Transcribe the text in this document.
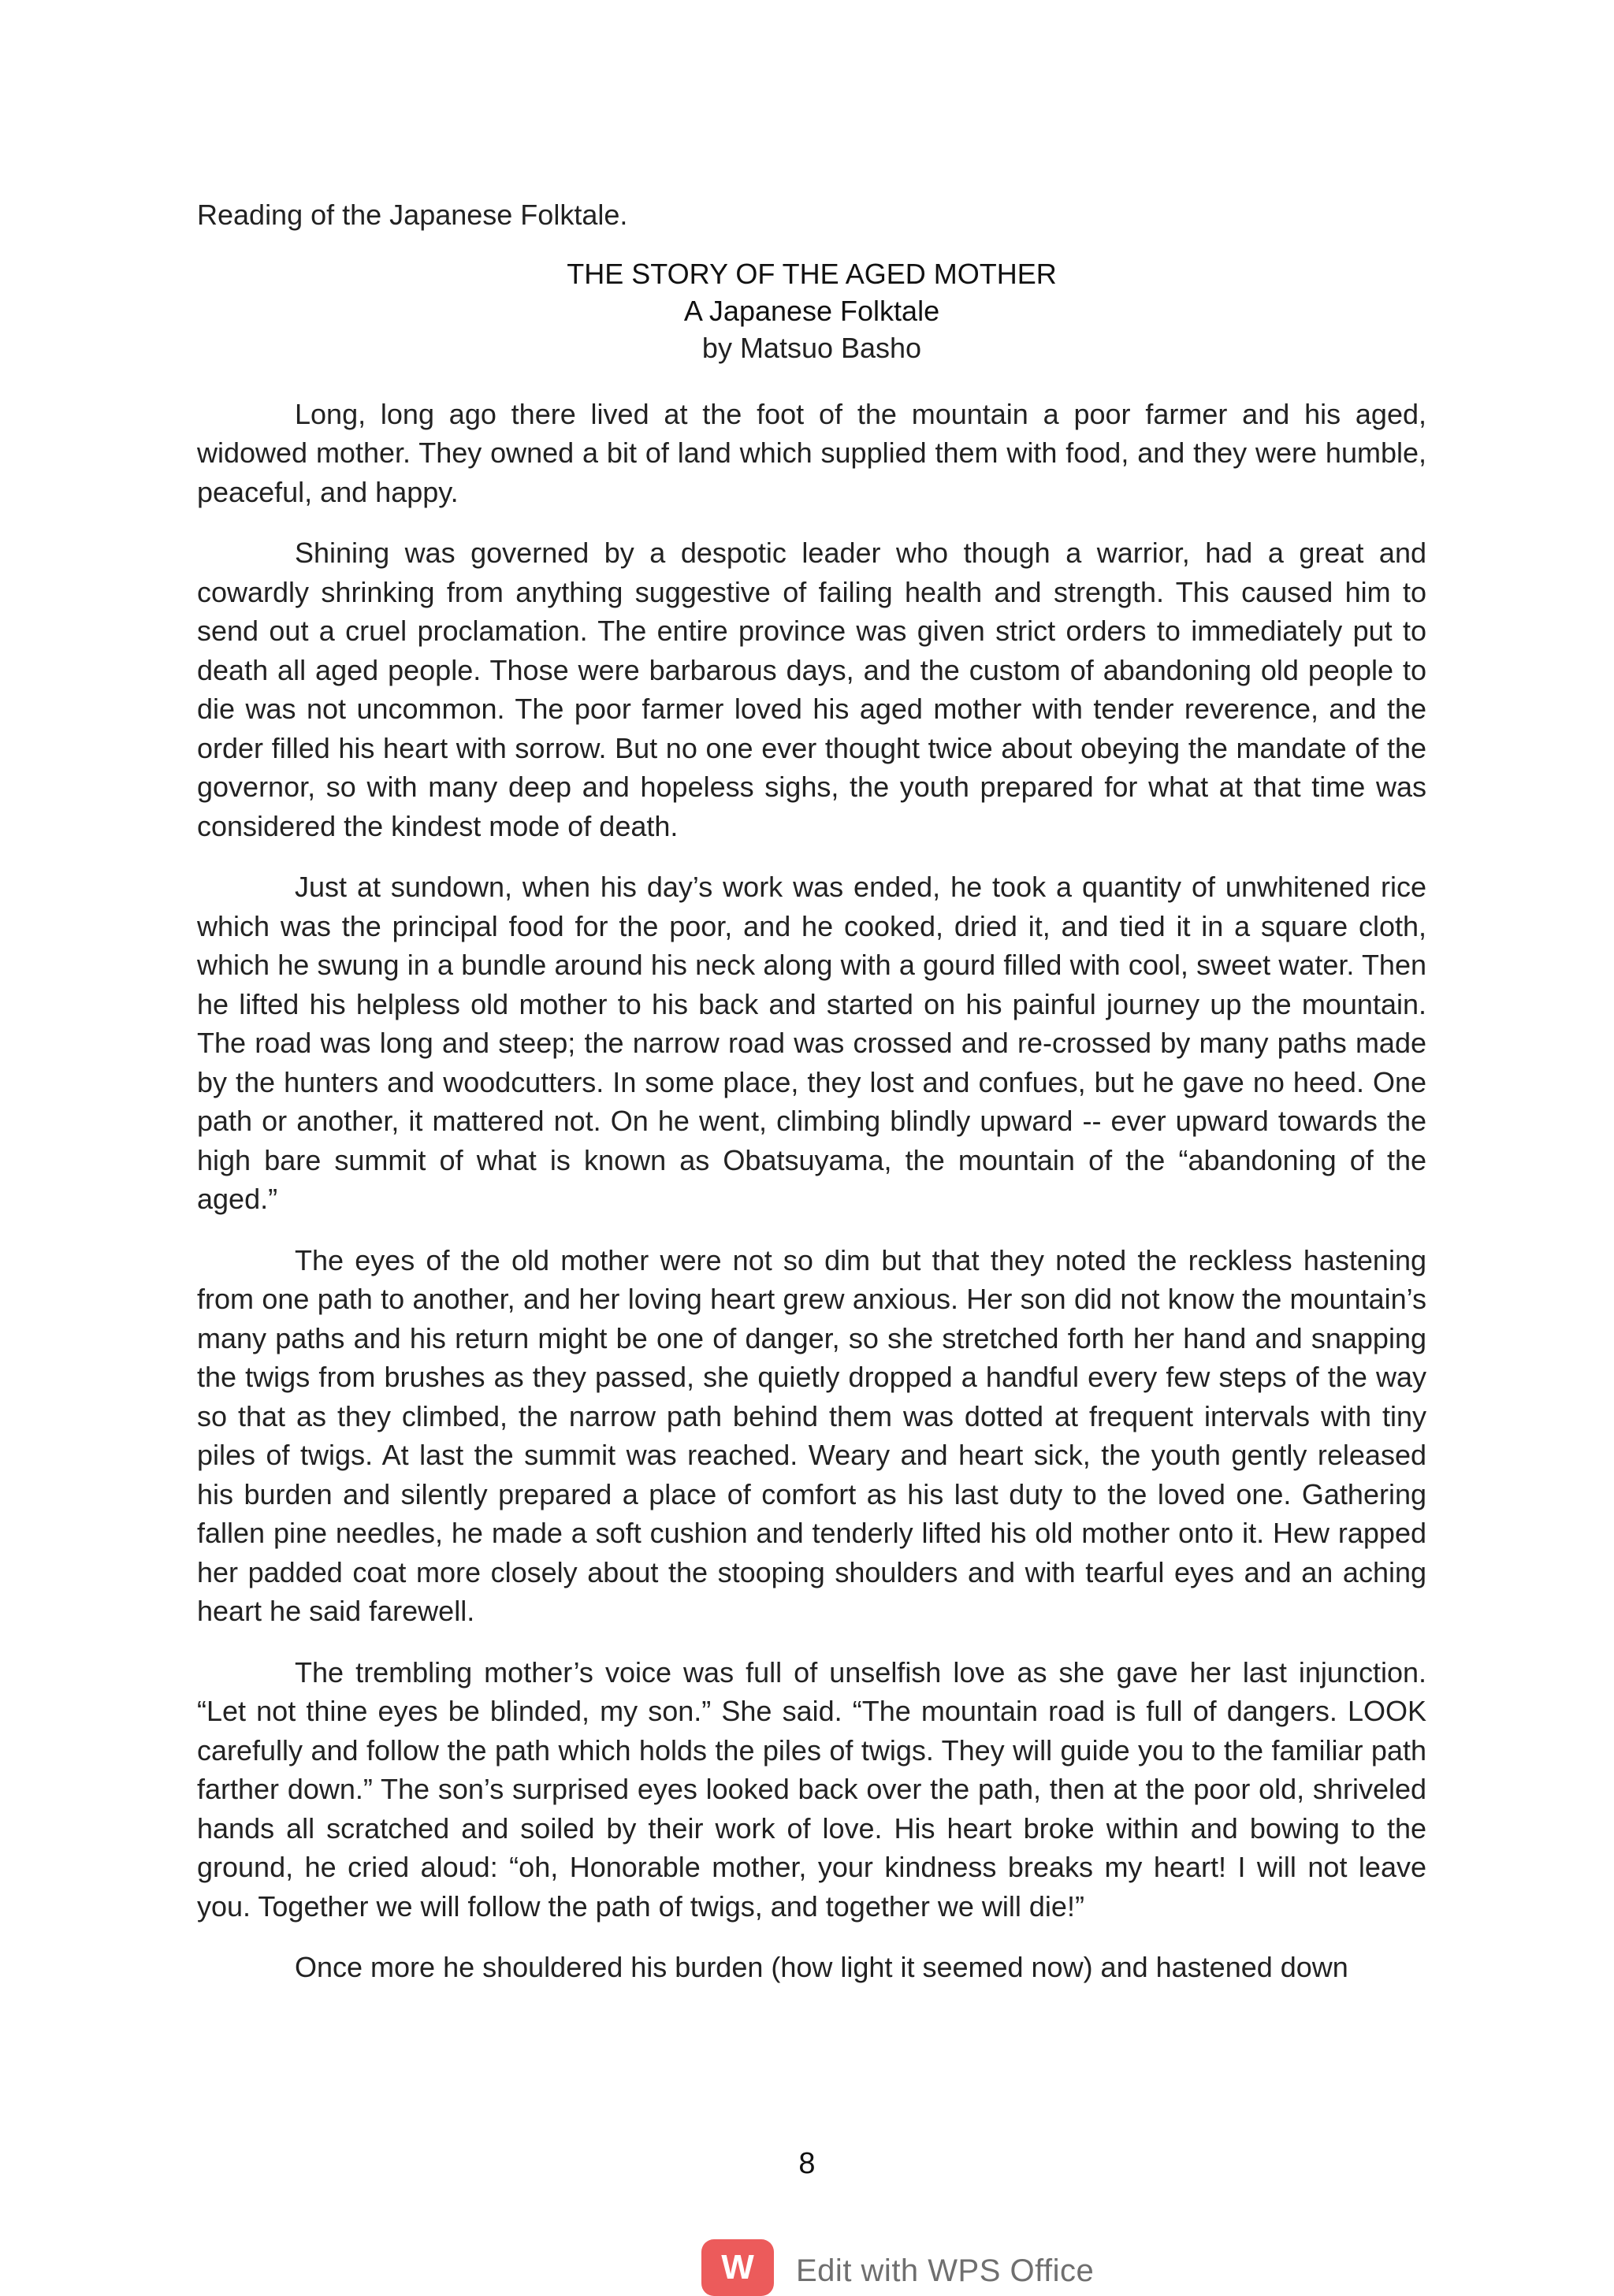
Reading of the Japanese Folktale.

THE STORY OF THE AGED MOTHER
A Japanese Folktale
by Matsuo Basho

Long, long ago there lived at the foot of the mountain a poor farmer and his aged, widowed mother. They owned a bit of land which supplied them with food, and they were humble, peaceful, and happy.

Shining was governed by a despotic leader who though a warrior, had a great and cowardly shrinking from anything suggestive of failing health and strength. This caused him to send out a cruel proclamation. The entire province was given strict orders to immediately put to death all aged people. Those were barbarous days, and the custom of abandoning old people to die was not uncommon. The poor farmer loved his aged mother with tender reverence, and the order filled his heart with sorrow. But no one ever thought twice about obeying the mandate of the governor, so with many deep and hopeless sighs, the youth prepared for what at that time was considered the kindest mode of death.

Just at sundown, when his day’s work was ended, he took a quantity of unwhitened rice which was the principal food for the poor, and he cooked, dried it, and tied it in a square cloth, which he swung in a bundle around his neck along with a gourd filled with cool, sweet water. Then he lifted his helpless old mother to his back and started on his painful journey up the mountain. The road was long and steep; the narrow road was crossed and re-crossed by many paths made by the hunters and woodcutters. In some place, they lost and confues, but he gave no heed. One path or another, it mattered not. On he went, climbing blindly upward -- ever upward towards the high bare summit of what is known as Obatsuyama, the mountain of the “abandoning of the aged.”

The eyes of the old mother were not so dim but that they noted the reckless hastening from one path to another, and her loving heart grew anxious. Her son did not know the mountain’s many paths and his return might be one of danger, so she stretched forth her hand and snapping the twigs from brushes as they passed, she quietly dropped a handful every few steps of the way so that as they climbed, the narrow path behind them was dotted at frequent intervals with tiny piles of twigs. At last the summit was reached. Weary and heart sick, the youth gently released his burden and silently prepared a place of comfort as his last duty to the loved one. Gathering fallen pine needles, he made a soft cushion and tenderly lifted his old mother onto it. Hew rapped her padded coat more closely about the stooping shoulders and with tearful eyes and an aching heart he said farewell.

The trembling mother’s voice was full of unselfish love as she gave her last injunction. “Let not thine eyes be blinded, my son.” She said. “The mountain road is full of dangers. LOOK carefully and follow the path which holds the piles of twigs. They will guide you to the familiar path farther down.” The son’s surprised eyes looked back over the path, then at the poor old, shriveled hands all scratched and soiled by their work of love. His heart broke within and bowing to the ground, he cried aloud: “oh, Honorable mother, your kindness breaks my heart! I will not leave you. Together we will follow the path of twigs, and together we will die!”

Once more he shouldered his burden (how light it seemed now) and hastened down

8
W	Edit with WPS Office
